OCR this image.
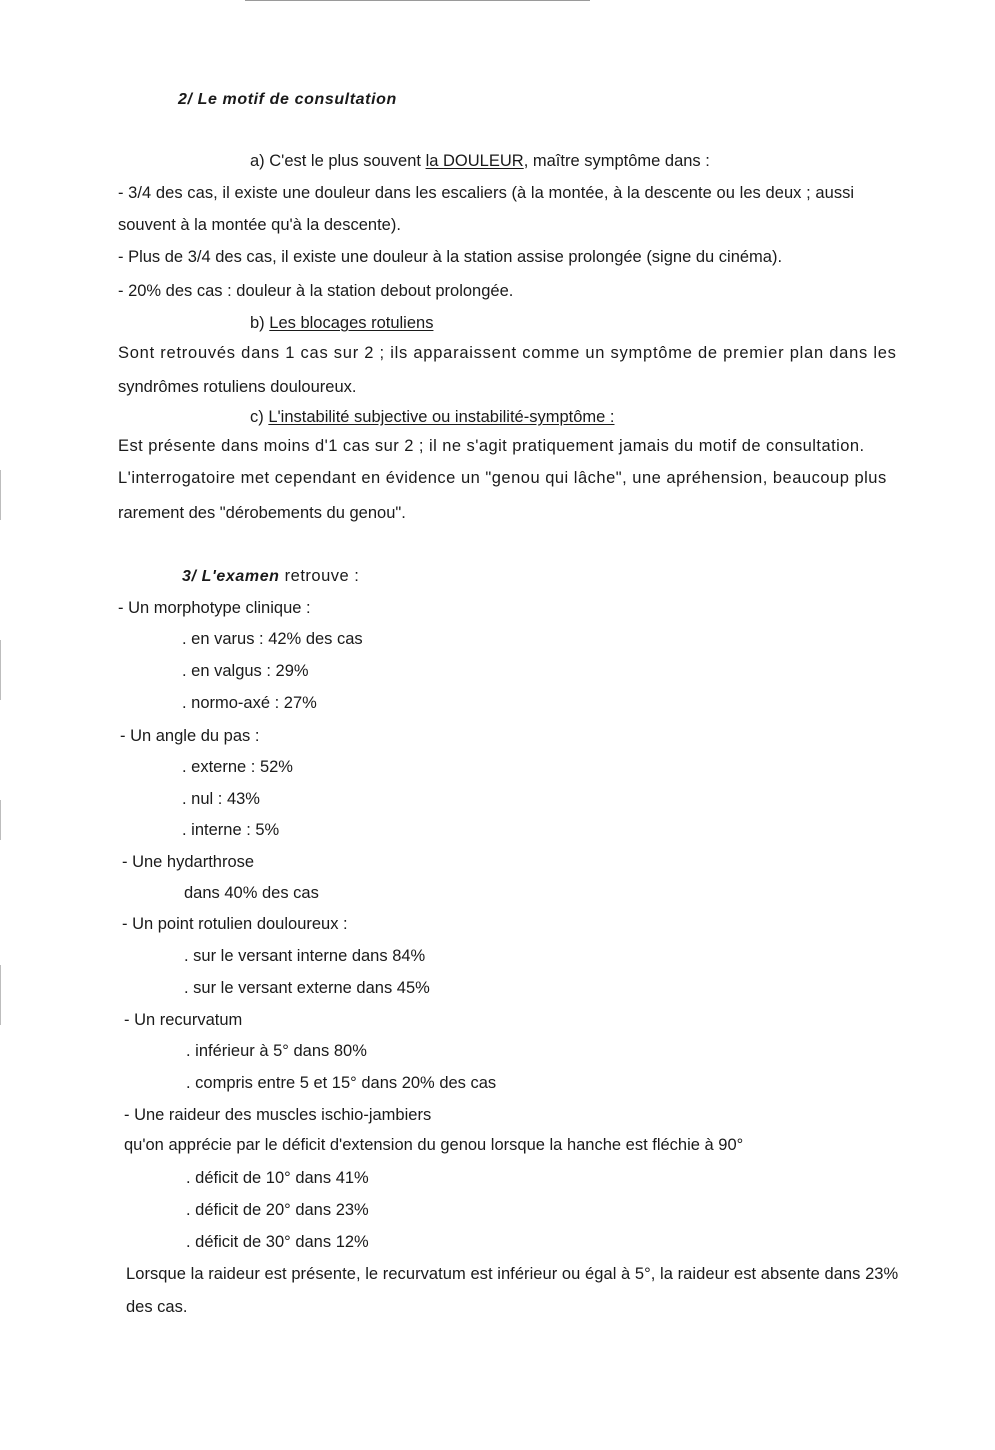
2/ Le motif de consultation
a) C'est le plus souvent la DOULEUR, maître symptôme dans :
- 3/4 des cas, il existe une douleur dans les escaliers (à la montée, à la descente ou les deux ; aussi
souvent à la montée qu'à la descente).
- Plus de 3/4 des cas, il existe une douleur à la station assise prolongée (signe du cinéma).
- 20% des cas : douleur à la station debout prolongée.
b) Les blocages rotuliens
Sont retrouvés dans 1 cas sur 2 ; ils apparaissent comme un symptôme de premier plan dans les
syndrômes rotuliens douloureux.
c) L'instabilité subjective ou instabilité-symptôme :
Est présente dans moins d'1 cas sur 2 ; il ne s'agit pratiquement jamais du motif de consultation.
L'interrogatoire met cependant en évidence un "genou qui lâche", une apréhension, beaucoup plus
rarement des "dérobements du genou".
3/ L'examen retrouve :
- Un morphotype clinique :
. en varus : 42% des cas
. en valgus : 29%
. normo-axé : 27%
- Un angle du pas :
. externe : 52%
. nul : 43%
. interne : 5%
- Une hydarthrose
dans 40% des cas
- Un point rotulien douloureux :
. sur le versant interne dans 84%
. sur le versant externe dans 45%
- Un recurvatum
. inférieur à 5° dans 80%
. compris entre 5 et 15° dans 20% des cas
- Une raideur des muscles ischio-jambiers
qu'on apprécie par le déficit d'extension du genou lorsque la hanche est fléchie à 90°
. déficit de 10° dans 41%
. déficit de 20° dans 23%
. déficit de 30° dans 12%
Lorsque la raideur est présente, le recurvatum est inférieur ou égal à 5°, la raideur est absente dans 23%
des cas.
